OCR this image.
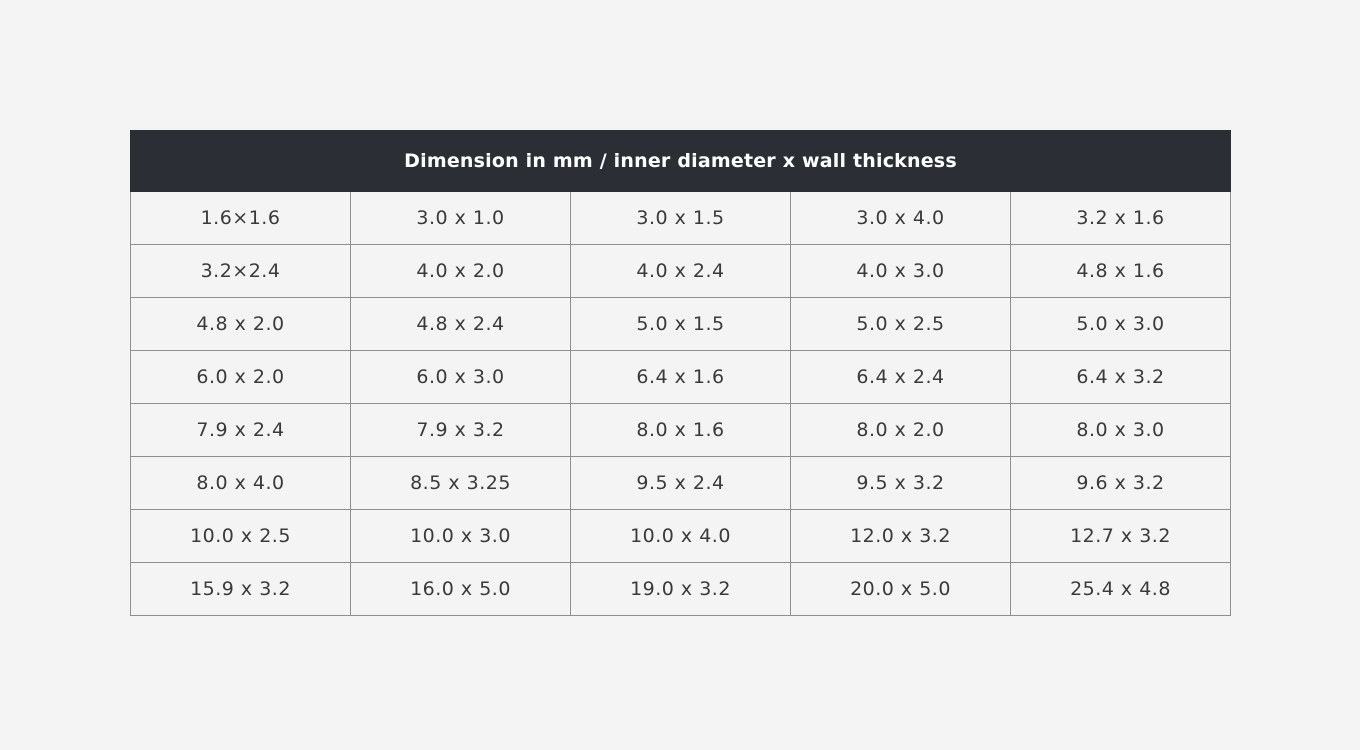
Dimension in mm / inner diameter x wall thickness				
1.6×1.6	3.0 x 1.0	3.0 x 1.5	3.0 x 4.0	3.2 x 1.6
3.2×2.4	4.0 x 2.0	4.0 x 2.4	4.0 x 3.0	4.8 x 1.6
4.8 x 2.0	4.8 x 2.4	5.0 x 1.5	5.0 x 2.5	5.0 x 3.0
6.0 x 2.0	6.0 x 3.0	6.4 x 1.6	6.4 x 2.4	6.4 x 3.2
7.9 x 2.4	7.9 x 3.2	8.0 x 1.6	8.0 x 2.0	8.0 x 3.0
8.0 x 4.0	8.5 x 3.25	9.5 x 2.4	9.5 x 3.2	9.6 x 3.2
10.0 x 2.5	10.0 x 3.0	10.0 x 4.0	12.0 x 3.2	12.7 x 3.2
15.9 x 3.2	16.0 x 5.0	19.0 x 3.2	20.0 x 5.0	25.4 x 4.8
